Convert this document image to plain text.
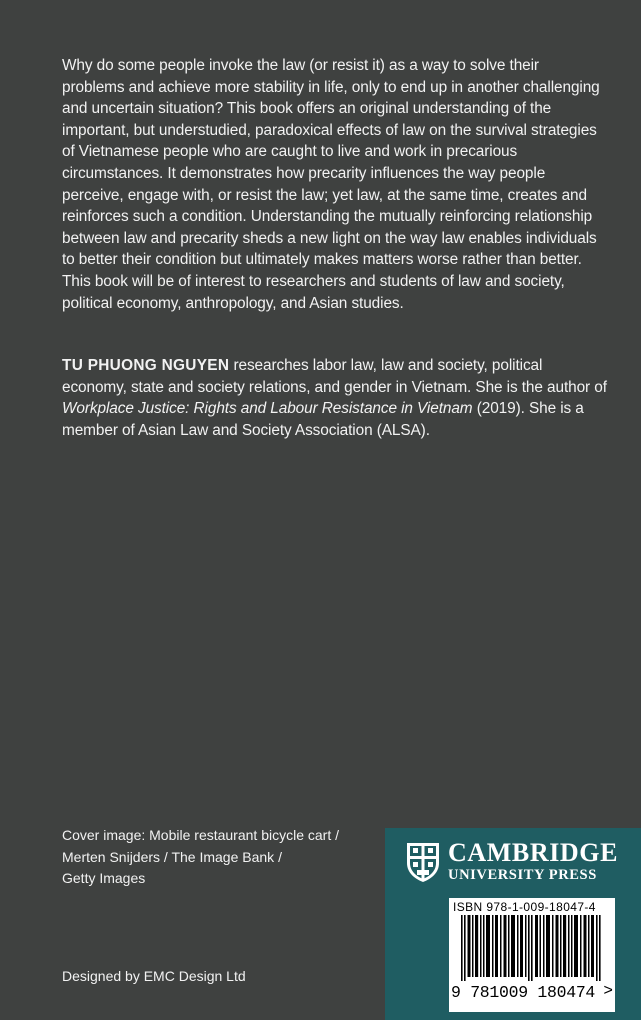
Why do some people invoke the law (or resist it) as a way to solve their problems and achieve more stability in life, only to end up in another challenging and uncertain situation? This book offers an original understanding of the important, but understudied, paradoxical effects of law on the survival strategies of Vietnamese people who are caught to live and work in precarious circumstances. It demonstrates how precarity influences the way people perceive, engage with, or resist the law; yet law, at the same time, creates and reinforces such a condition. Understanding the mutually reinforcing relationship between law and precarity sheds a new light on the way law enables individuals to better their condition but ultimately makes matters worse rather than better. This book will be of interest to researchers and students of law and society, political economy, anthropology, and Asian studies.

TU PHUONG NGUYEN researches labor law, law and society, political economy, state and society relations, and gender in Vietnam. She is the author of Workplace Justice: Rights and Labour Resistance in Vietnam (2019). She is a member of Asian Law and Society Association (ALSA).

Cover image: Mobile restaurant bicycle cart /
Merten Snijders / The Image Bank /
Getty Images
Designed by EMC Design Ltd
CAMBRIDGE
UNIVERSITY PRESS
ISBN 978-1-009-18047-4
9 781009 180474 >
